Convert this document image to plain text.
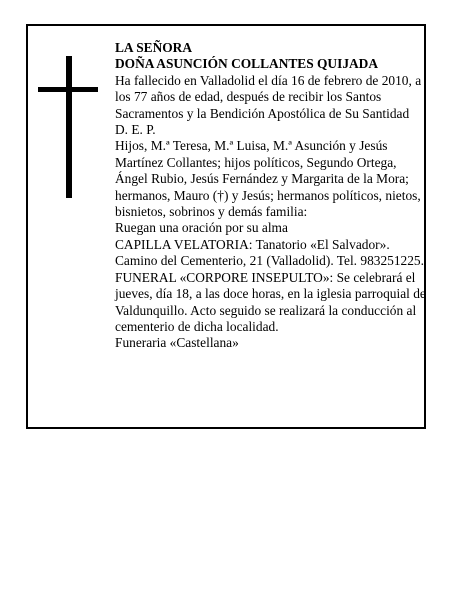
LA SEÑORA

DOÑA ASUNCIÓN COLLANTES QUIJADA

Ha fallecido en Valladolid el día 16 de febrero de 2010, a los 77 años de edad, después de recibir los Santos Sacramentos y la Bendición Apostólica de Su Santidad

D. E. P.

Hijos, M.ª Teresa, M.ª Luisa, M.ª Asunción y Jesús Martínez Collantes; hijos políticos, Segundo Ortega, Ángel Rubio, Jesús Fernández y Margarita de la Mora; hermanos, Mauro (†) y Jesús; hermanos políticos, nietos, bisnietos, sobrinos y demás familia:

Ruegan una oración por su alma

CAPILLA VELATORIA: Tanatorio «El Salvador». Camino del Cementerio, 21 (Valladolid). Tel. 983251225.

FUNERAL «CORPORE INSEPULTO»: Se celebrará el jueves, día 18, a las doce horas, en la iglesia parroquial de Valdunquillo. Acto seguido se realizará la conducción al cementerio de dicha localidad.

Funeraria «Castellana»
